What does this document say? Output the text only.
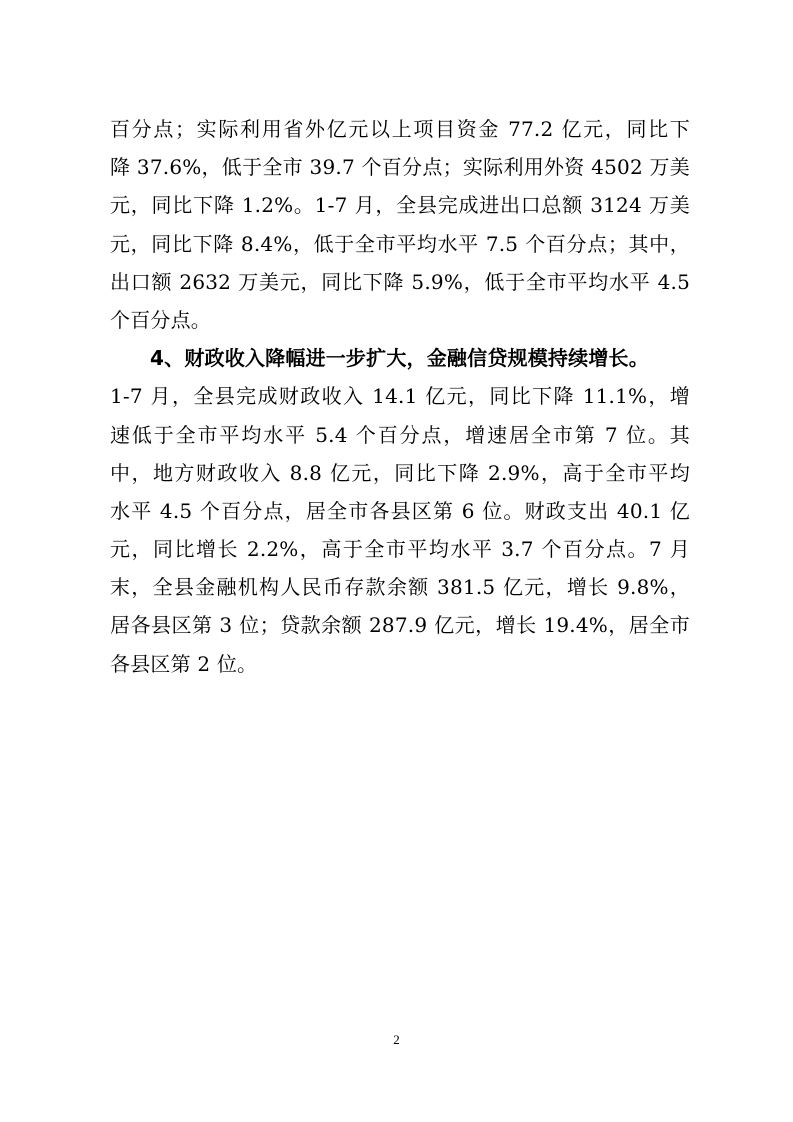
百分点；实际利用省外亿元以上项目资金 77.2 亿元，同比下
降 37.6%，低于全市 39.7 个百分点；实际利用外资 4502 万美
元，同比下降 1.2%。1-7 月，全县完成进出口总额 3124 万美
元，同比下降 8.4%，低于全市平均水平 7.5 个百分点；其中，
出口额 2632 万美元，同比下降 5.9%，低于全市平均水平 4.5
个百分点。
4、财政收入降幅进一步扩大，金融信贷规模持续增长。
1-7 月，全县完成财政收入 14.1 亿元，同比下降 11.1%，增
速低于全市平均水平 5.4 个百分点，增速居全市第 7 位。其
中，地方财政收入 8.8 亿元，同比下降 2.9%，高于全市平均
水平 4.5 个百分点，居全市各县区第 6 位。财政支出 40.1 亿
元，同比增长 2.2%，高于全市平均水平 3.7 个百分点。7 月
末，全县金融机构人民币存款余额 381.5 亿元，增长 9.8%，
居各县区第 3 位；贷款余额 287.9 亿元，增长 19.4%，居全市
各县区第 2 位。
2
